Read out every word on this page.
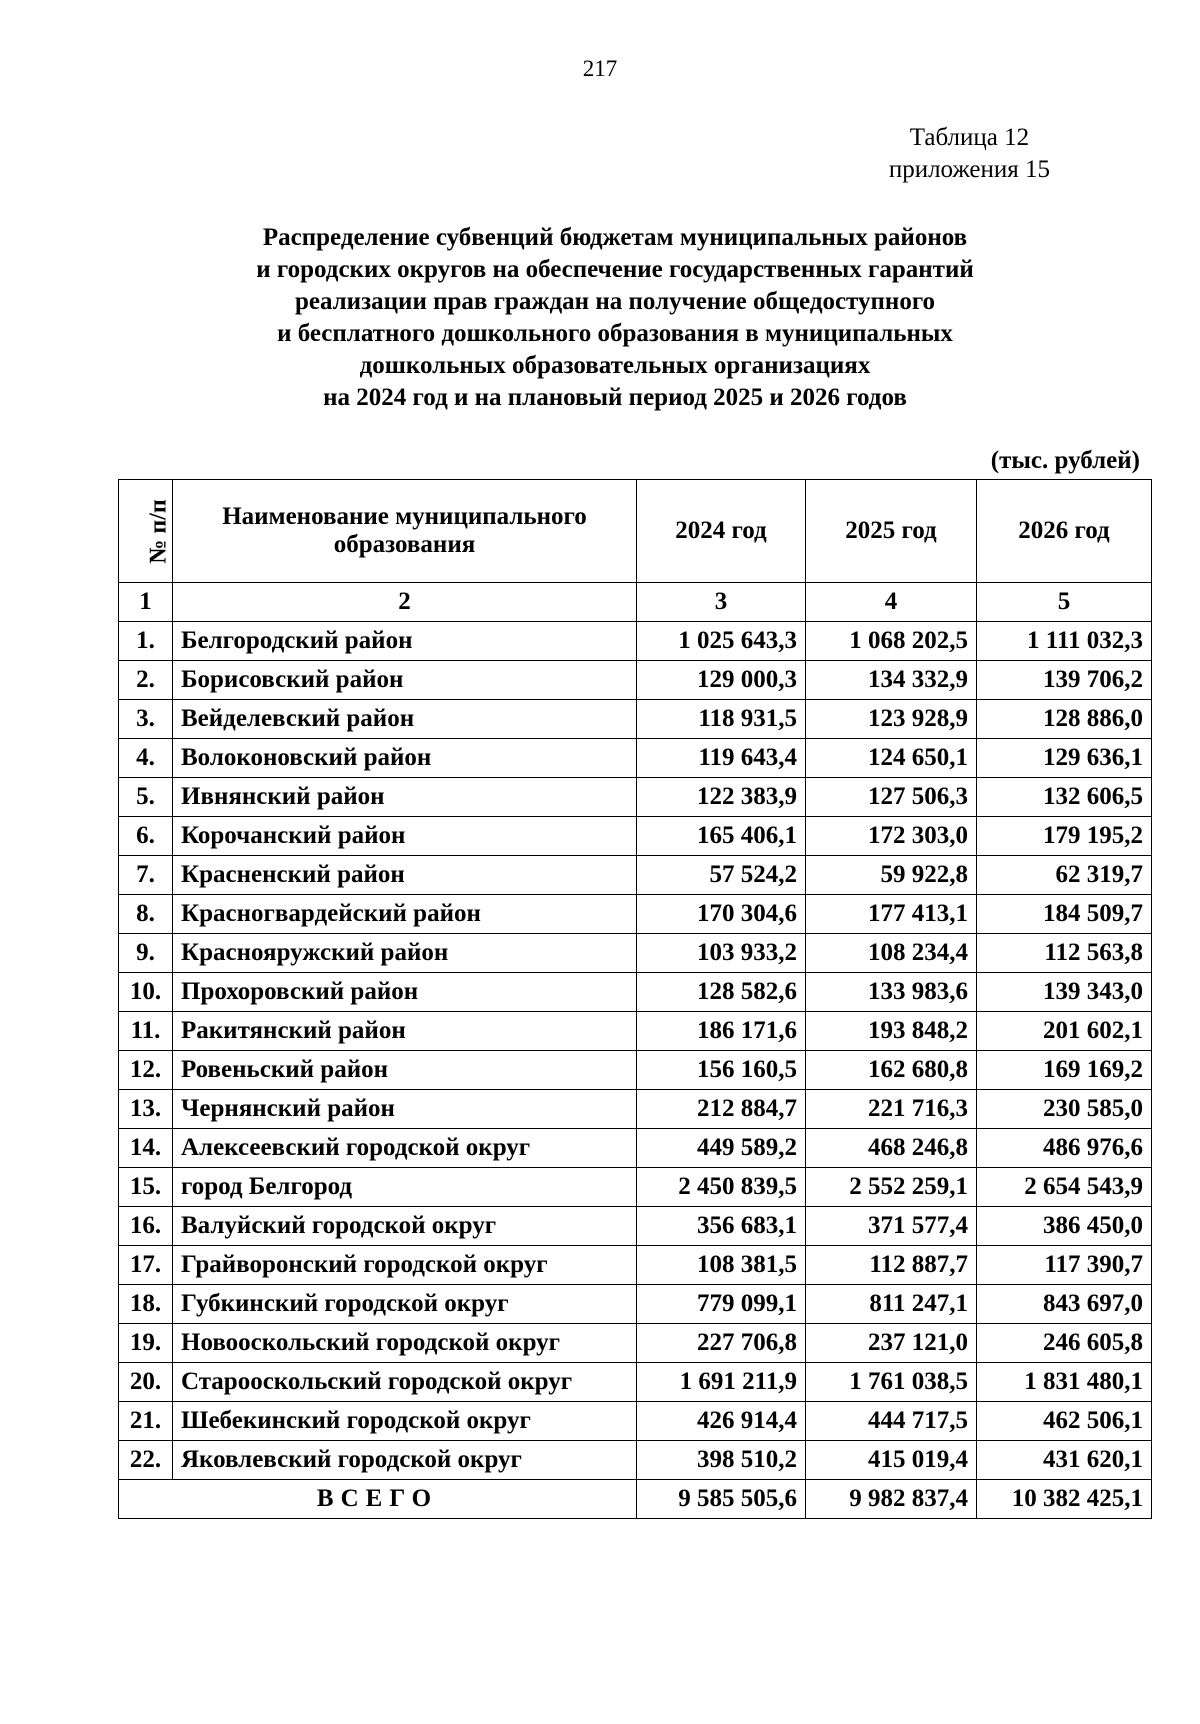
217
Таблица 12
приложения 15
Распределение субвенций бюджетам муниципальных районов
и городских округов на обеспечение государственных гарантий
реализации прав граждан на получение общедоступного
и бесплатного дошкольного образования в муниципальных
дошкольных образовательных организациях
на 2024 год и на плановый период 2025 и 2026 годов
(тыс. рублей)
№ п/п	Наименование муниципального образования	2024 год	2025 год	2026 год
1	2	3	4	5
1.	Белгородский район	1 025 643,3	1 068 202,5	1 111 032,3
2.	Борисовский район	129 000,3	134 332,9	139 706,2
3.	Вейделевский район	118 931,5	123 928,9	128 886,0
4.	Волоконовский район	119 643,4	124 650,1	129 636,1
5.	Ивнянский район	122 383,9	127 506,3	132 606,5
6.	Корочанский район	165 406,1	172 303,0	179 195,2
7.	Красненский район	57 524,2	59 922,8	62 319,7
8.	Красногвардейский район	170 304,6	177 413,1	184 509,7
9.	Краснояружский район	103 933,2	108 234,4	112 563,8
10.	Прохоровский район	128 582,6	133 983,6	139 343,0
11.	Ракитянский район	186 171,6	193 848,2	201 602,1
12.	Ровеньский район	156 160,5	162 680,8	169 169,2
13.	Чернянский район	212 884,7	221 716,3	230 585,0
14.	Алексеевский городской округ	449 589,2	468 246,8	486 976,6
15.	город Белгород	2 450 839,5	2 552 259,1	2 654 543,9
16.	Валуйский городской округ	356 683,1	371 577,4	386 450,0
17.	Грайворонский городской округ	108 381,5	112 887,7	117 390,7
18.	Губкинский городской округ	779 099,1	811 247,1	843 697,0
19.	Новооскольский городской округ	227 706,8	237 121,0	246 605,8
20.	Старооскольский городской округ	1 691 211,9	1 761 038,5	1 831 480,1
21.	Шебекинский городской округ	426 914,4	444 717,5	462 506,1
22.	Яковлевский городской округ	398 510,2	415 019,4	431 620,1
ВСЕГО		9 585 505,6	9 982 837,4	10 382 425,1
